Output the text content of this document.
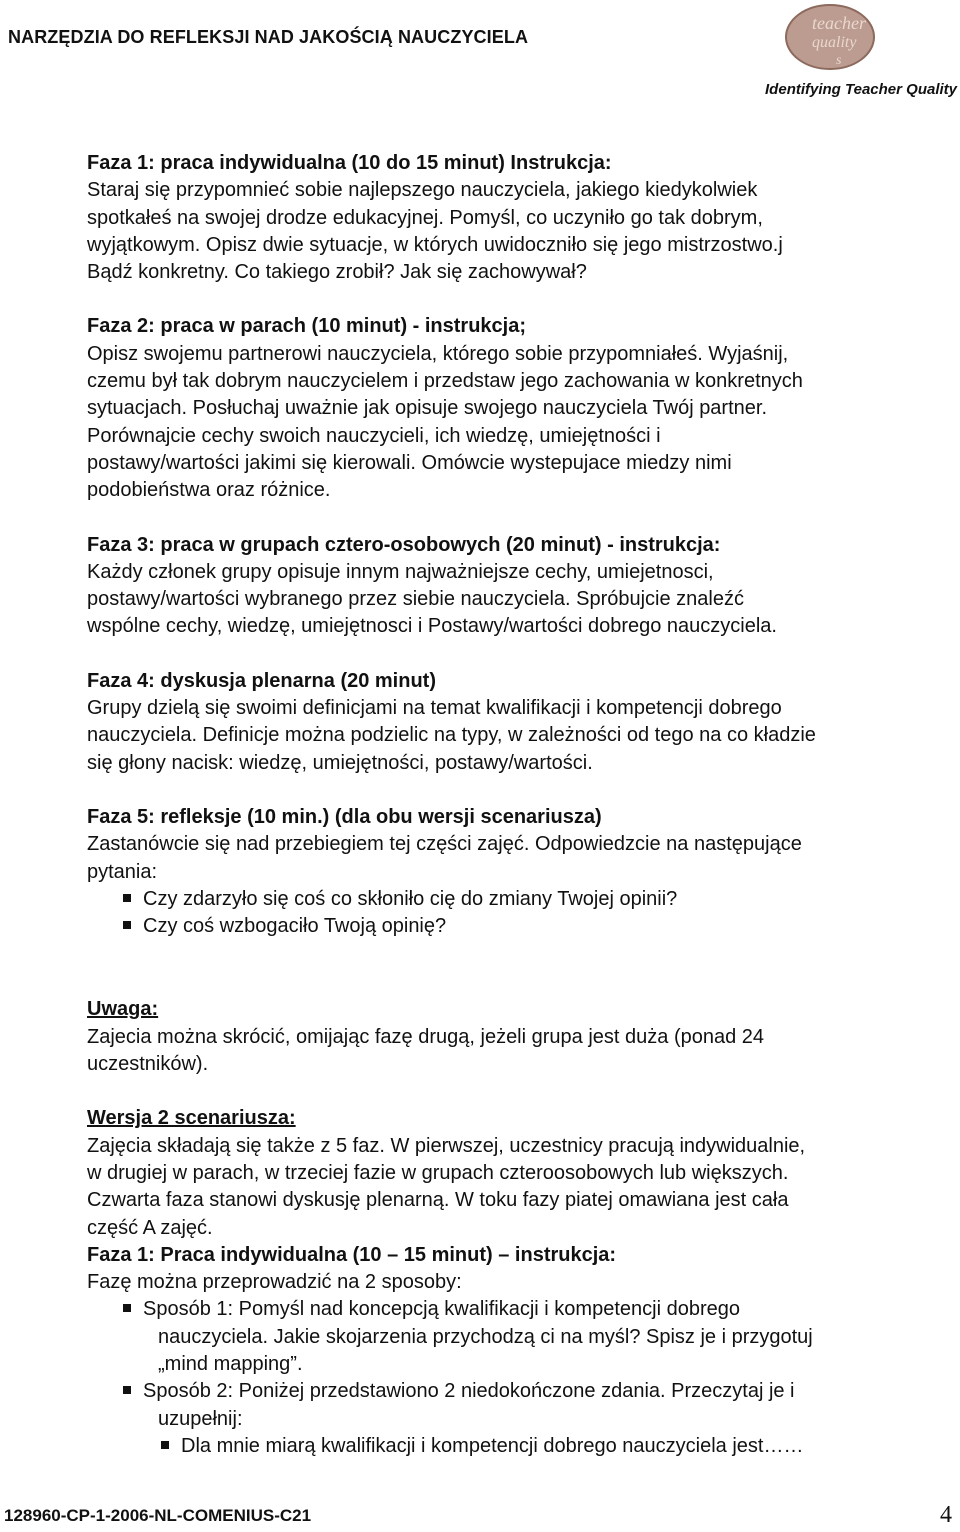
NARZĘDZIA DO REFLEKSJI NAD JAKOŚCIĄ NAUCZYCIELA
teacher
quality
s
Identifying Teacher Quality

Faza 1: praca indywidualna (10 do 15 minut) Instrukcja:

Staraj się przypomnieć sobie najlepszego nauczyciela, jakiego kiedykolwiek

spotkałeś na swojej drodze edukacyjnej. Pomyśl, co uczyniło go tak dobrym,

wyjątkowym. Opisz dwie sytuacje, w których uwidoczniło się jego mistrzostwo.j

Bądź konkretny. Co takiego zrobił? Jak się zachowywał?

Faza 2: praca w parach (10 minut) - instrukcja;

Opisz swojemu partnerowi nauczyciela, którego sobie przypomniałeś. Wyjaśnij,

czemu był tak dobrym nauczycielem i przedstaw jego zachowania w konkretnych

sytuacjach. Posłuchaj uważnie jak opisuje swojego nauczyciela Twój partner.

Porównajcie cechy swoich nauczycieli, ich wiedzę, umiejętności i

postawy/wartości jakimi się kierowali. Omówcie wystepujace miedzy nimi

podobieństwa oraz różnice.

Faza 3: praca w grupach cztero-osobowych (20 minut) - instrukcja:

Każdy członek grupy opisuje innym najważniejsze cechy, umiejetnosci,

postawy/wartości wybranego przez siebie nauczyciela. Spróbujcie znaleźć

wspólne cechy, wiedzę, umiejętnosci i Postawy/wartości dobrego nauczyciela.

Faza 4: dyskusja plenarna (20 minut)

Grupy dzielą się swoimi definicjami na temat kwalifikacji i kompetencji dobrego

nauczyciela. Definicje można podzielic na typy, w zależności od tego na co kładzie

się głony nacisk: wiedzę, umiejętności, postawy/wartości.

Faza 5: refleksje (10 min.) (dla obu wersji scenariusza)

Zastanówcie się nad przebiegiem tej części zajęć. Odpowiedzcie na następujące

pytania:

Czy zdarzyło się coś co skłoniło cię do zmiany Twojej opinii?
Czy coś wzbogaciło Twoją opinię?

Uwaga:

Zajecia można skrócić, omijając fazę drugą, jeżeli grupa jest duża (ponad 24

uczestników).

Wersja 2 scenariusza:

Zajęcia składają się także z 5 faz. W pierwszej, uczestnicy pracują indywidualnie,

w drugiej w parach, w trzeciej fazie w grupach czteroosobowych lub większych.

Czwarta faza stanowi dyskusję plenarną. W toku fazy piatej omawiana jest cała

część A zajęć.

Faza 1: Praca indywidualna (10 – 15 minut) – instrukcja:

Fazę można przeprowadzić na 2 sposoby:

Sposób 1: Pomyśl nad koncepcją kwalifikacji i kompetencji dobrego
nauczyciela. Jakie skojarzenia przychodzą ci na myśl? Spisz je i przygotuj
„mind mapping”.
Sposób 2: Poniżej przedstawiono 2 niedokończone zdania. Przeczytaj je i
uzupełnij:
Dla mnie miarą kwalifikacji i kompetencji dobrego nauczyciela jest……
128960-CP-1-2006-NL-COMENIUS-C21	4
